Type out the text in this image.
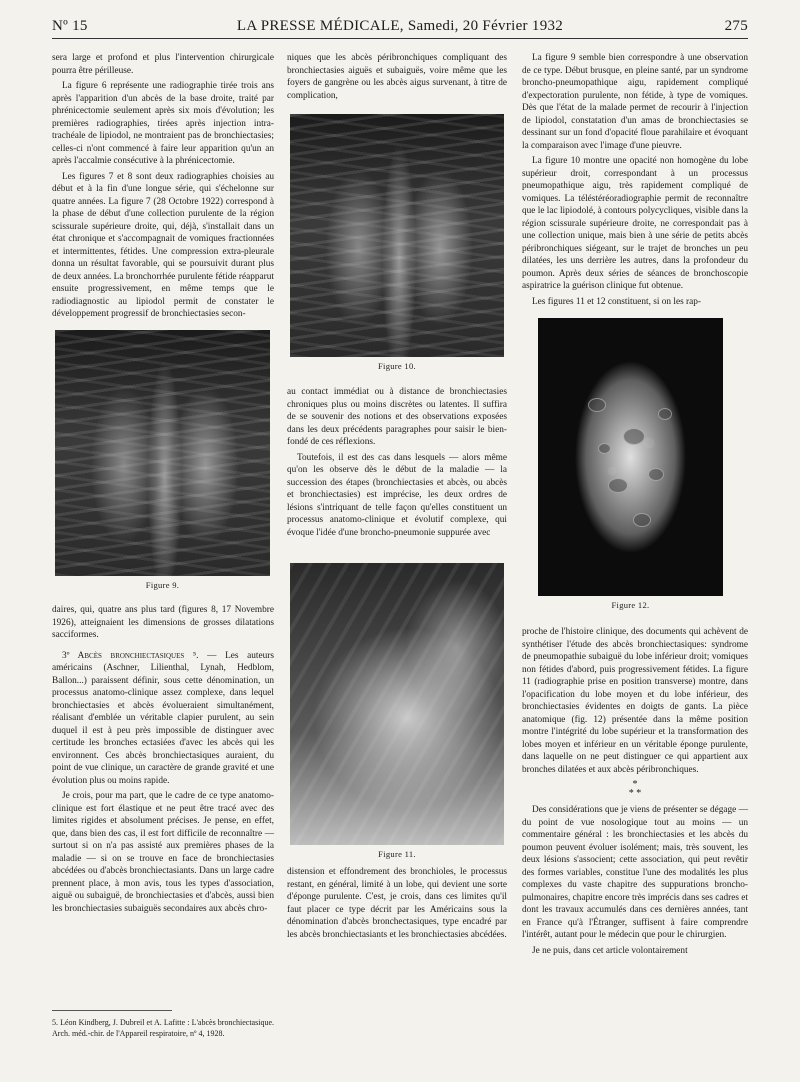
Nº 15	LA PRESSE MÉDICALE, Samedi, 20 Février 1932	275

sera large et profond et plus l'intervention chirurgicale pourra être périlleuse.

La figure 6 représente une radiographie tirée trois ans après l'apparition d'un abcès de la base droite, traité par phrénicectomie seulement après six mois d'évolution; les premières radiographies, tirées après injection intra-trachéale de lipiodol, ne montraient pas de bronchiectasies; celles-ci n'ont commencé à faire leur apparition qu'un an après l'accalmie consécutive à la phrénicectomie.

Les figures 7 et 8 sont deux radiographies choisies au début et à la fin d'une longue série, qui s'échelonne sur quatre années. La figure 7 (28 Octobre 1922) correspond à la phase de début d'une collection purulente de la région scissurale supérieure droite, qui, déjà, s'installait dans un état chronique et s'accompagnait de vomiques fractionnées et intermittentes, fétides. Une compression extra-pleurale donna un résultat favorable, qui se poursuivit durant plus de deux années. La bronchorrhée purulente fétide réapparut ensuite progressivement, en même temps que le radiodiagnostic au lipiodol permit de constater le développement progressif de bronchiectasies secon-

Figure 9.

daires, qui, quatre ans plus tard (figures 8, 17 Novembre 1926), atteignaient les dimensions de grosses dilatations sacciformes.

3º Abcès bronchiectasiques ⁵. — Les auteurs américains (Aschner, Lilienthal, Lynah, Hedblom, Ballon...) paraissent définir, sous cette dénomination, un processus anatomo-clinique assez complexe, dans lequel bronchiectasies et abcès évolueraient simultanément, réalisant d'emblée un véritable clapier purulent, au sein duquel il est à peu près impossible de distinguer avec certitude les bronches ectasiées d'avec les abcès qui les environnent. Ces abcès bronchiectasiques auraient, du point de vue clinique, un caractère de grande gravité et une évolution plus ou moins rapide.

Je crois, pour ma part, que le cadre de ce type anatomo-clinique est fort élastique et ne peut être tracé avec des limites rigides et absolument précises. Je pense, en effet, que, dans bien des cas, il est fort difficile de reconnaître — surtout si on n'a pas assisté aux premières phases de la maladie — si on se trouve en face de bronchiectasies abcédées ou d'abcès bronchiectasiants. Dans un large cadre prennent place, à mon avis, tous les types d'association, aiguë ou subaiguë, de bronchiectasies et d'abcès, aussi bien les bronchiectasies subaiguës secondaires aux abcès chro-

5. Léon Kindberg, J. Dubreil et A. Lafitte : L'abcès bronchiectasique. Arch. méd.-chir. de l'Appareil respiratoire, nº 4, 1928.

niques que les abcès péribronchiques compliquant des bronchiectasies aiguës et subaiguës, voire même que les foyers de gangrène ou les abcès aigus survenant, à titre de complication,

Figure 10.

au contact immédiat ou à distance de bronchiectasies chroniques plus ou moins discrètes ou latentes. Il suffira de se souvenir des notions et des observations exposées dans les deux précédents paragraphes pour saisir le bien-fondé de ces réflexions.

Toutefois, il est des cas dans lesquels — alors même qu'on les observe dès le début de la maladie — la succession des étapes (bronchiectasies et abcès, ou abcès et bronchiectasies) est imprécise, les deux ordres de lésions s'intriquant de telle façon qu'elles constituent un processus anatomo-clinique et évolutif complexe, qui évoque l'idée d'une broncho-pneumonie suppurée avec

Figure 11.

distension et effondrement des bronchioles, le processus restant, en général, limité à un lobe, qui devient une sorte d'éponge purulente. C'est, je crois, dans ces limites qu'il faut placer ce type décrit par les Américains sous la dénomination d'abcès bronchectasiques, type encadré par les abcès bronchiectasiants et les bronchiectasies abcédées.

La figure 9 semble bien correspondre à une observation de ce type. Début brusque, en pleine santé, par un syndrome broncho-pneumopathique aigu, rapidement compliqué d'expectoration purulente, non fétide, à type de vomiques. Dès que l'état de la malade permet de recourir à l'injection de lipiodol, constatation d'un amas de bronchiectasies se dessinant sur un fond d'opacité floue parahilaire et évoquant la comparaison avec l'image d'une pieuvre.

La figure 10 montre une opacité non homogène du lobe supérieur droit, correspondant à un processus pneumopathique aigu, très rapidement compliqué de vomiques. La téléstéréoradiographie permit de reconnaître que le lac lipiodolé, à contours polycycliques, visible dans la région scissurale supérieure droite, ne correspondait pas à une collection unique, mais bien à une série de petits abcès péribronchiques siégeant, sur le trajet de bronches un peu dilatées, les uns derrière les autres, dans la profondeur du poumon. Après deux séries de séances de bronchoscopie aspiratrice la guérison clinique fut obtenue.

Les figures 11 et 12 constituent, si on les rap-

Figure 12.

proche de l'histoire clinique, des documents qui achèvent de synthétiser l'étude des abcès bronchiectasiques: syndrome de pneumopathie subaiguë du lobe inférieur droit; vomiques non fétides d'abord, puis progressivement fétides. La figure 11 (radiographie prise en position transverse) montre, dans l'opacification du lobe moyen et du lobe inférieur, des bronchiectasies évidentes en doigts de gants. La pièce anatomique (fig. 12) présentée dans la même position montre l'intégrité du lobe supérieur et la transformation des lobes moyen et inférieur en un véritable éponge purulente, dans laquelle on ne peut distinguer ce qui appartient aux bronches dilatées et aux abcès péribronchiques.

*
* *

Des considérations que je viens de présenter se dégage — du point de vue nosologique tout au moins — un commentaire général : les bronchiectasies et les abcès du poumon peuvent évoluer isolément; mais, très souvent, les deux lésions s'associent; cette association, qui peut revêtir des formes variables, constitue l'une des modalités les plus complexes du vaste chapitre des suppurations broncho-pulmonaires, chapitre encore très imprécis dans ses cadres et dont les travaux accumulés dans ces dernières années, tant en France qu'à l'Étranger, suffisent à faire comprendre l'intérêt, autant pour le médecin que pour le chirurgien.

Je ne puis, dans cet article volontairement
